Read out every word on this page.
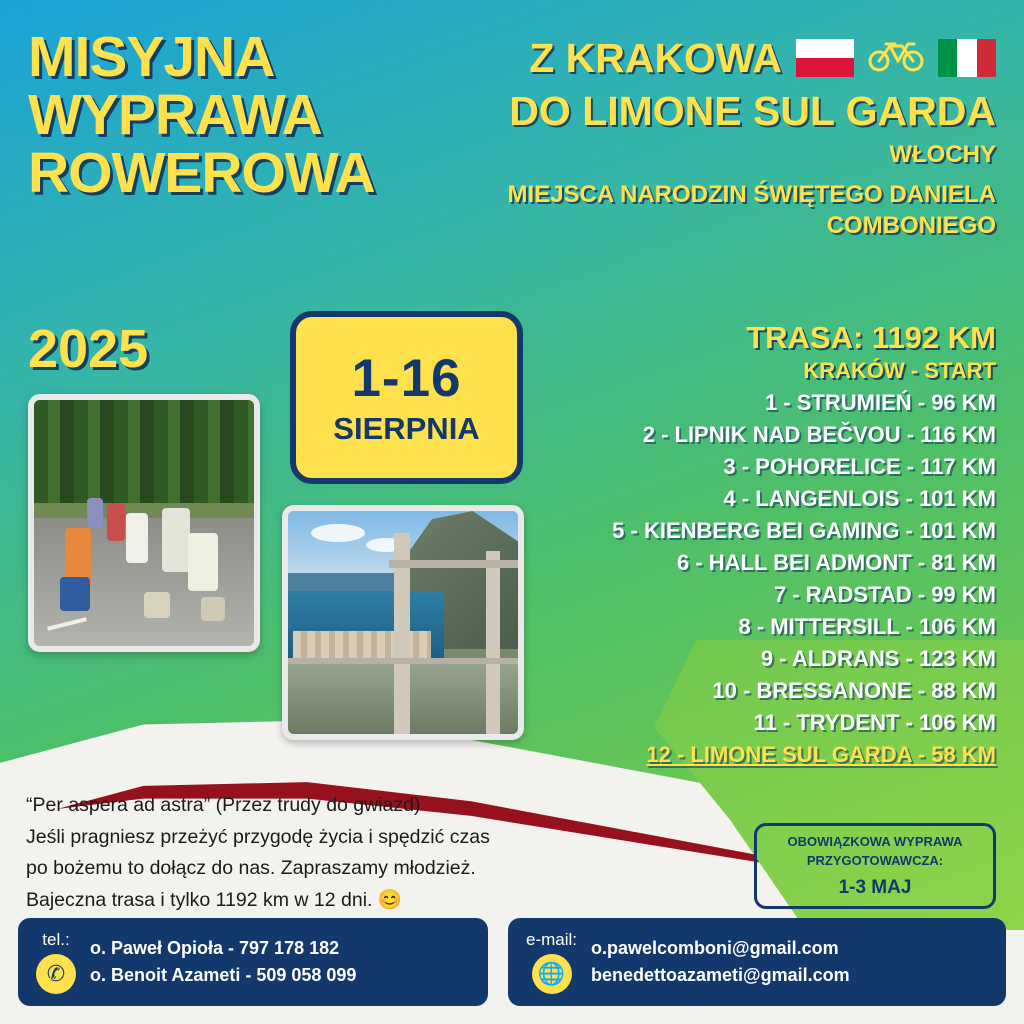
MISYJNA WYPRAWA ROWEROWA
2025
Z KRAKOWA
DO LIMONE SUL GARDA
WŁOCHY
MIEJSCA NARODZIN ŚWIĘTEGO DANIELA COMBONIEGO
1-16
SIERPNIA
TRASA: 1192 KM
KRAKÓW - START
1 - STRUMIEŃ - 96 KM
2 - LIPNIK NAD BEČVOU - 116 KM
3 - POHORELICE - 117 KM
4 - LANGENLOIS - 101 KM
5 - KIENBERG BEI GAMING - 101 KM
6 - HALL BEI ADMONT - 81 KM
7 - RADSTAD - 99 KM
8 - MITTERSILL - 106 KM
9 - ALDRANS - 123 KM
10 - BRESSANONE - 88 KM
11 - TRYDENT - 106 KM
12 - LIMONE SUL GARDA - 58 KM
“Per aspera ad astra” (Przez trudy do gwiazd)
Jeśli pragniesz przeżyć przygodę życia i spędzić czas
po bożemu to dołącz do nas. Zapraszamy młodzież.
Bajeczna trasa i tylko 1192 km w 12 dni. 😊
OBOWIĄZKOWA WYPRAWA
PRZYGOTOWAWCZA:
1-3 MAJ
tel.:
✆
o. Paweł Opioła - 797 178 182
o. Benoit Azameti - 509 058 099
e-mail:
🌐
o.pawelcomboni@gmail.com
benedettoazameti@gmail.com
